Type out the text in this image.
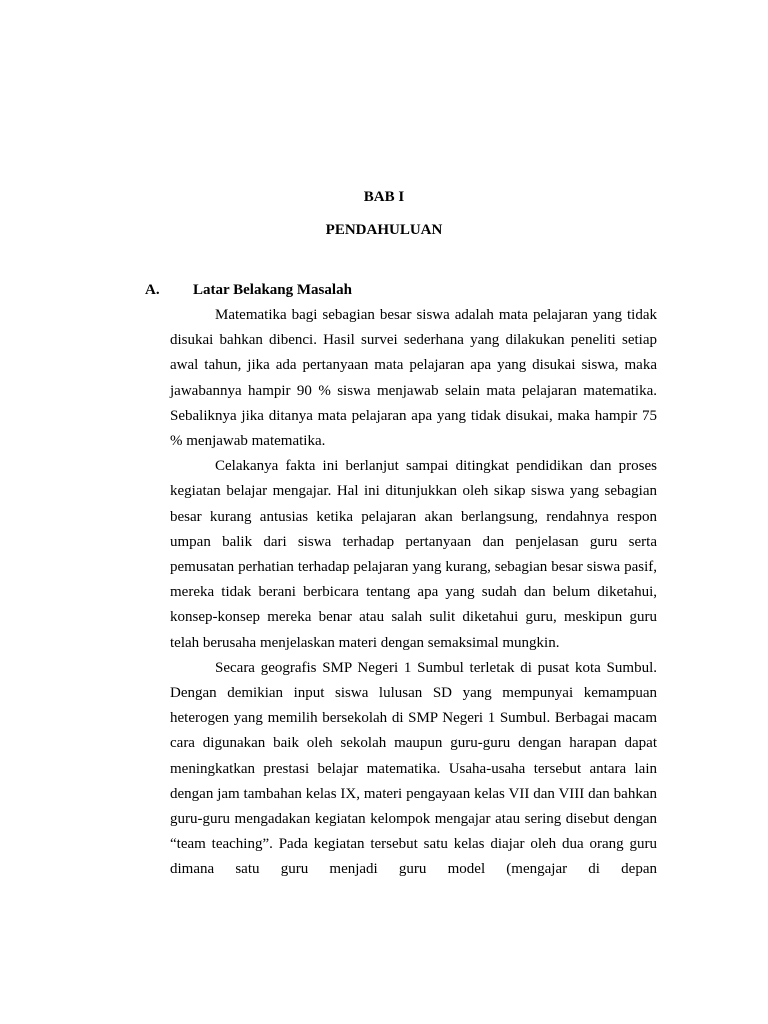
BAB I
PENDAHULUAN
A. Latar Belakang Masalah

Matematika bagi sebagian besar siswa adalah mata pelajaran yang tidak disukai bahkan dibenci. Hasil survei sederhana yang dilakukan peneliti setiap awal tahun, jika ada pertanyaan mata pelajaran apa yang disukai siswa, maka jawabannya hampir 90 % siswa menjawab selain mata pelajaran matematika. Sebaliknya jika ditanya mata pelajaran apa yang tidak disukai, maka hampir 75 % menjawab matematika.

Celakanya fakta ini berlanjut sampai ditingkat pendidikan dan proses kegiatan belajar mengajar. Hal ini ditunjukkan oleh sikap siswa yang sebagian besar kurang antusias ketika pelajaran akan berlangsung, rendahnya respon umpan balik dari siswa terhadap pertanyaan dan penjelasan guru serta pemusatan perhatian terhadap pelajaran yang kurang, sebagian besar siswa pasif, mereka tidak berani berbicara tentang apa yang sudah dan belum diketahui, konsep-konsep mereka benar atau salah sulit diketahui guru, meskipun guru telah berusaha menjelaskan materi dengan semaksimal mungkin.

Secara geografis SMP Negeri 1 Sumbul terletak di pusat kota Sumbul. Dengan demikian input siswa lulusan SD yang mempunyai kemampuan heterogen yang memilih bersekolah di SMP Negeri 1 Sumbul. Berbagai macam cara digunakan baik oleh sekolah maupun guru-guru dengan harapan dapat meningkatkan prestasi belajar matematika. Usaha-usaha tersebut antara lain dengan jam tambahan kelas IX, materi pengayaan kelas VII dan VIII dan bahkan guru-guru mengadakan kegiatan kelompok mengajar atau sering disebut dengan “team teaching”. Pada kegiatan tersebut satu kelas diajar oleh dua orang guru dimana satu guru menjadi guru model (mengajar di depan
